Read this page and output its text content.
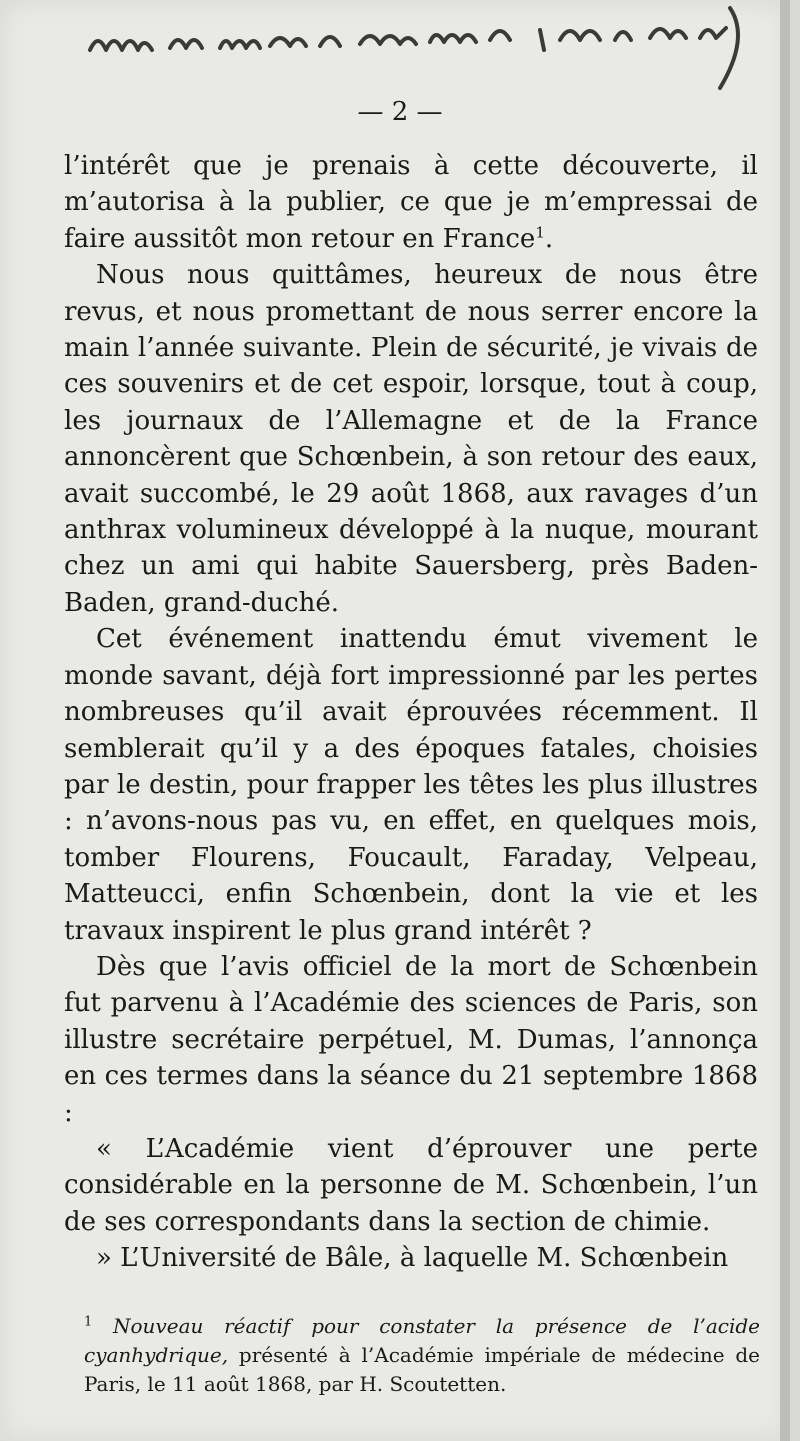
— 2 —

l’intérêt que je prenais à cette découverte, il m’autorisa à la publier, ce que je m’empressai de faire aussitôt mon retour en France$^1$.

Nous nous quittâmes, heureux de nous être revus, et nous promettant de nous serrer encore la main l’année suivante. Plein de sécurité, je vivais de ces souvenirs et de cet espoir, lorsque, tout à coup, les journaux de l’Allemagne et de la France annoncèrent que Schœnbein, à son retour des eaux, avait succombé, le 29 août 1868, aux ravages d’un anthrax volumineux développé à la nuque, mourant chez un ami qui habite Sauersberg, près Baden-Baden, grand-duché.

Cet événement inattendu émut vivement le monde savant, déjà fort impressionné par les pertes nombreuses qu’il avait éprouvées récemment. Il semblerait qu’il y a des époques fatales, choisies par le destin, pour frapper les têtes les plus illustres : n’avons-nous pas vu, en effet, en quelques mois, tomber Flourens, Foucault, Faraday, Velpeau, Matteucci, enfin Schœnbein, dont la vie et les travaux inspirent le plus grand intérêt ?

Dès que l’avis officiel de la mort de Schœnbein fut parvenu à l’Académie des sciences de Paris, son illustre secrétaire perpétuel, M. Dumas, l’annonça en ces termes dans la séance du 21 septembre 1868 :

« L’Académie vient d’éprouver une perte considérable en la personne de M. Schœnbein, l’un de ses correspondants dans la section de chimie.

» L’Université de Bâle, à laquelle M. Schœnbein

$^1$ Nouveau réactif pour constater la présence de l’acide cyanhydrique, présenté à l’Académie impériale de médecine de Paris, le 11 août 1868, par H. Scoutetten.
